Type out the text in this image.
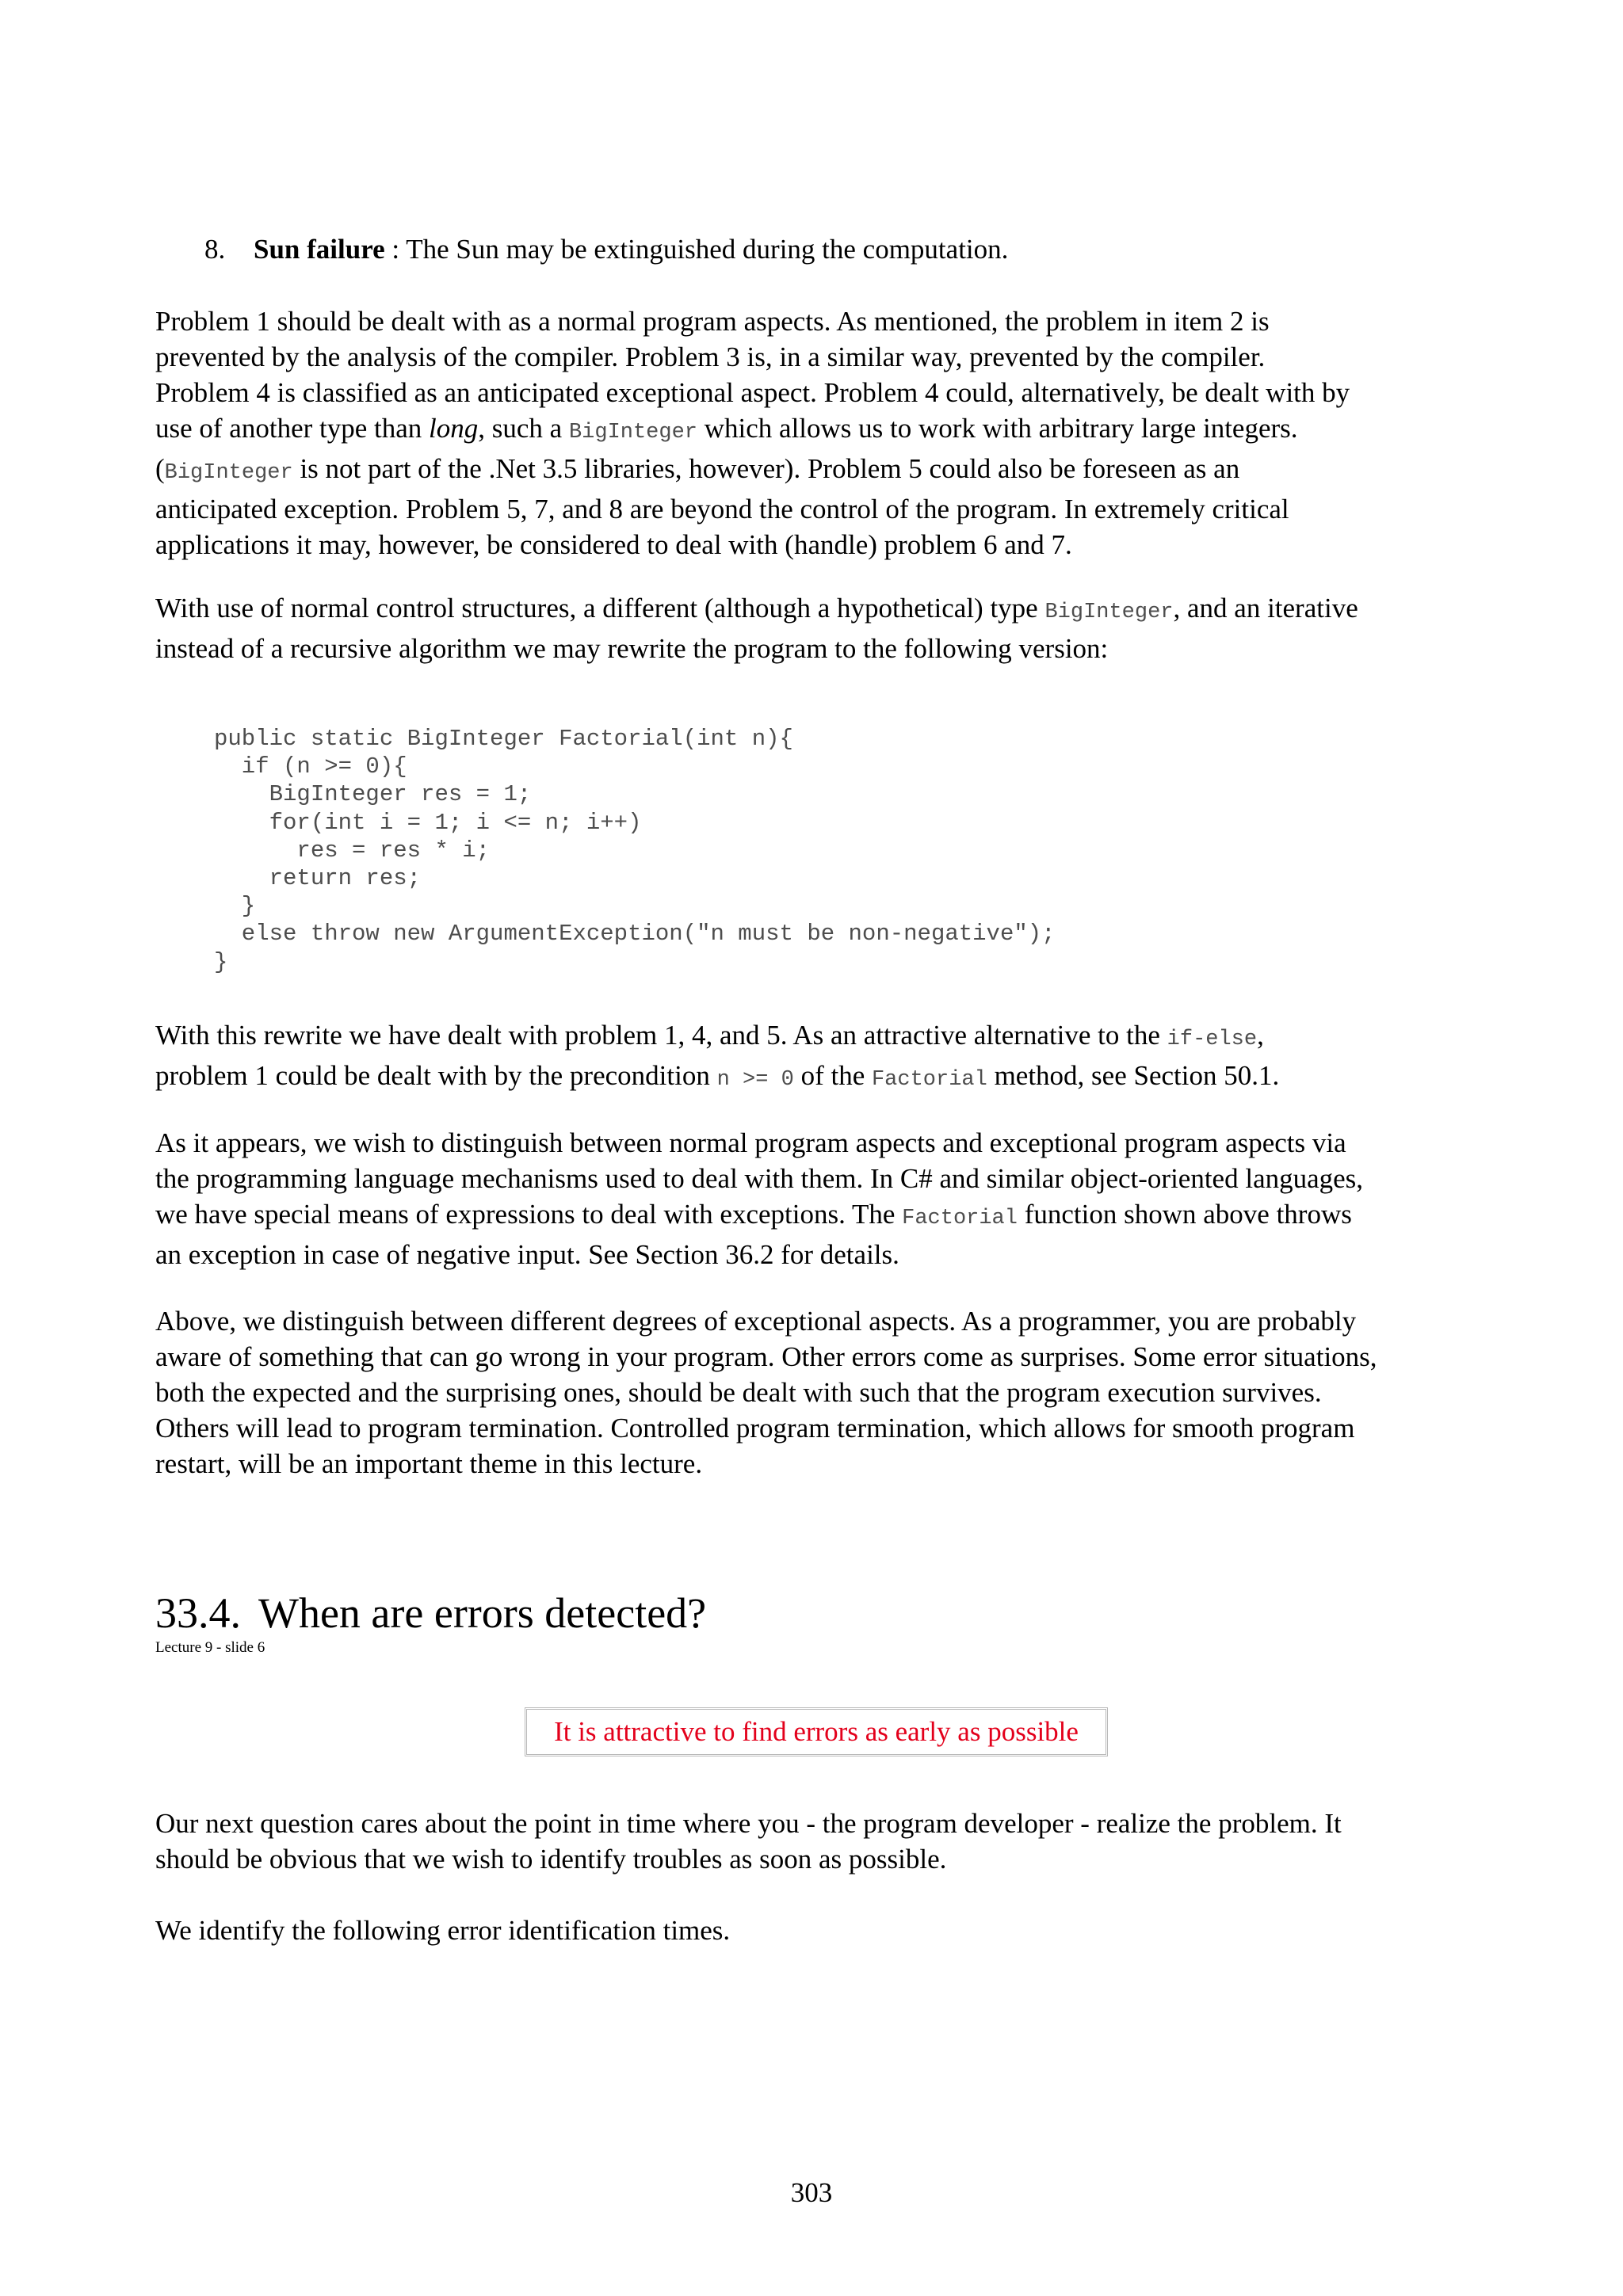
8. Sun failure : The Sun may be extinguished during the computation.
Problem 1 should be dealt with as a normal program aspects. As mentioned, the problem in item 2 is
prevented by the analysis of the compiler. Problem 3 is, in a similar way, prevented by the compiler.
Problem 4 is classified as an anticipated exceptional aspect. Problem 4 could, alternatively, be dealt with by
use of another type than long, such a BigInteger which allows us to work with arbitrary large integers.
(BigInteger is not part of the .Net 3.5 libraries, however). Problem 5 could also be foreseen as an
anticipated exception. Problem 5, 7, and 8 are beyond the control of the program. In extremely critical
applications it may, however, be considered to deal with (handle) problem 6 and 7.
With use of normal control structures, a different (although a hypothetical) type BigInteger, and an iterative
instead of a recursive algorithm we may rewrite the program to the following version:
public static BigInteger Factorial(int n){
if (n >= 0){
BigInteger res = 1;
for(int i = 1; i <= n; i++)
res = res * i;
return res;
}
else throw new ArgumentException("n must be non-negative");
}
With this rewrite we have dealt with problem 1, 4, and 5. As an attractive alternative to the if-else,
problem 1 could be dealt with by the precondition n >= 0 of the Factorial method, see Section 50.1.
As it appears, we wish to distinguish between normal program aspects and exceptional program aspects via
the programming language mechanisms used to deal with them. In C# and similar object-oriented languages,
we have special means of expressions to deal with exceptions. The Factorial function shown above throws
an exception in case of negative input. See Section 36.2 for details.
Above, we distinguish between different degrees of exceptional aspects. As a programmer, you are probably
aware of something that can go wrong in your program. Other errors come as surprises. Some error situations,
both the expected and the surprising ones, should be dealt with such that the program execution survives.
Others will lead to program termination. Controlled program termination, which allows for smooth program
restart, will be an important theme in this lecture.
33.4. When are errors detected?
Lecture 9 - slide 6
It is attractive to find errors as early as possible
Our next question cares about the point in time where you - the program developer - realize the problem. It
should be obvious that we wish to identify troubles as soon as possible.
We identify the following error identification times.
303
